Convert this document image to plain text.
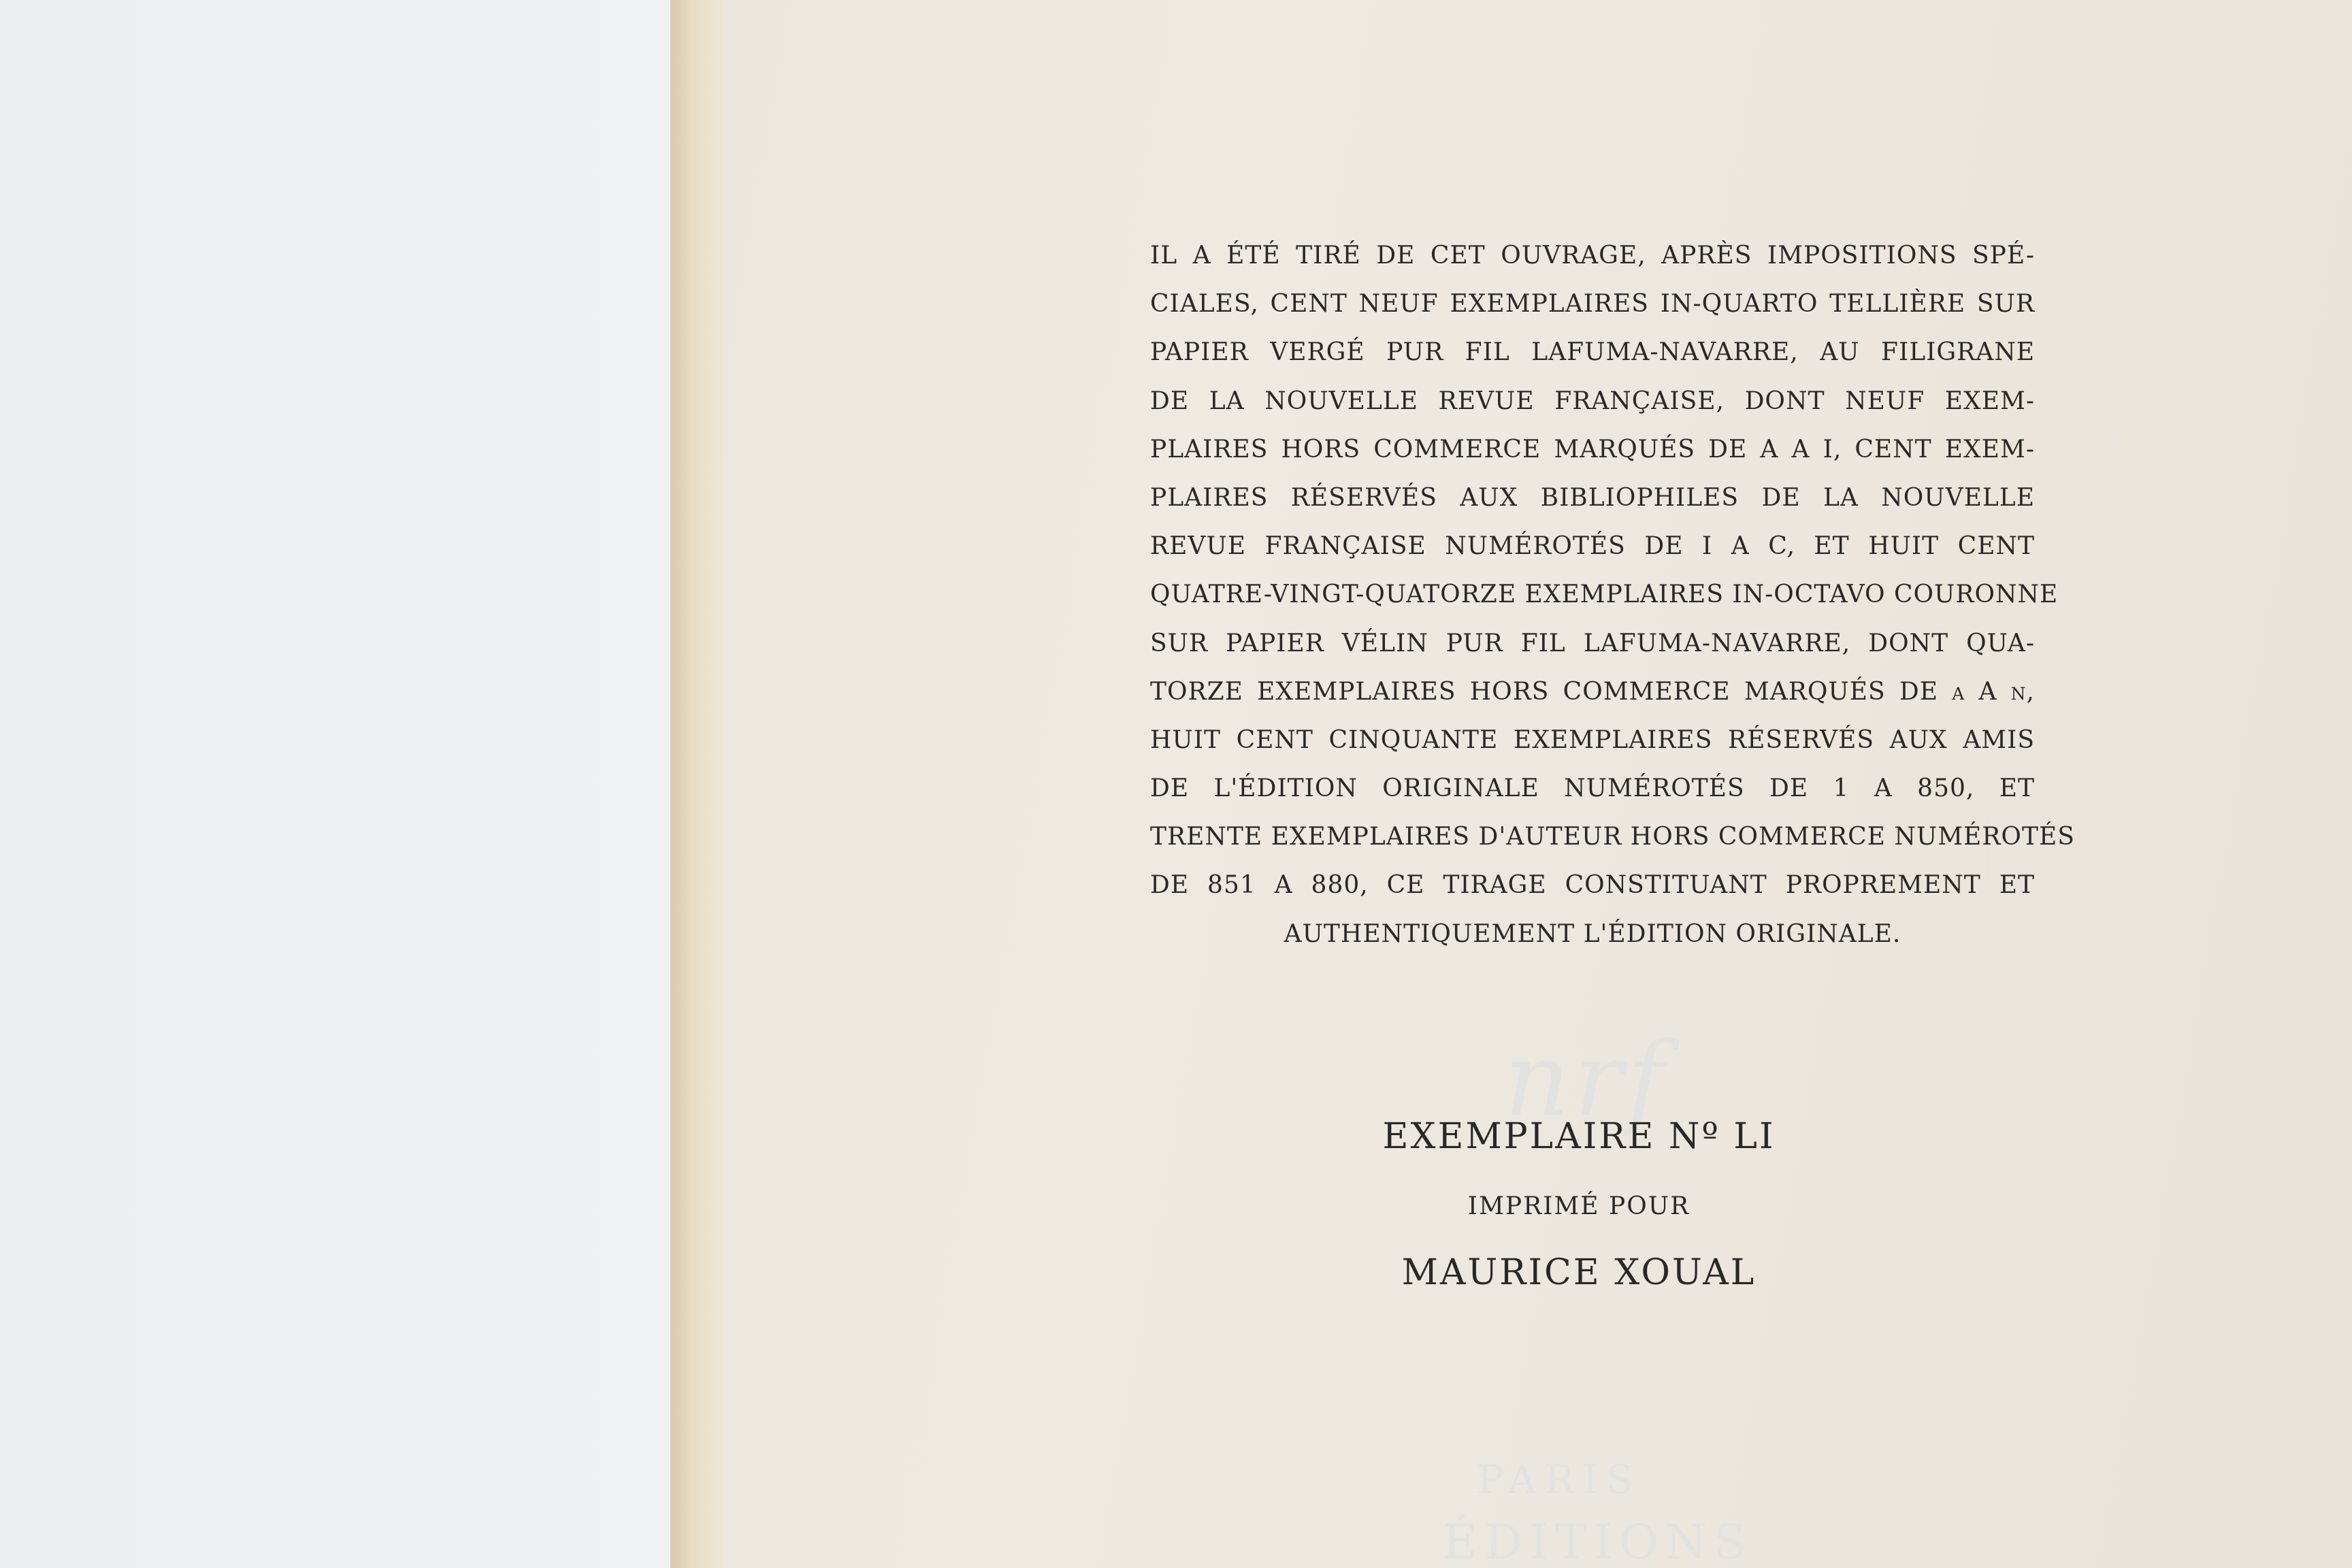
nrf
PARIS
ÉDITIONS
IL A ÉTÉ TIRÉ DE CET OUVRAGE, APRÈS IMPOSITIONS SPÉ-
CIALES, CENT NEUF EXEMPLAIRES IN-QUARTO TELLIÈRE SUR
PAPIER VERGÉ PUR FIL LAFUMA-NAVARRE, AU FILIGRANE
DE LA NOUVELLE REVUE FRANÇAISE, DONT NEUF EXEM-
PLAIRES HORS COMMERCE MARQUÉS DE A A I, CENT EXEM-
PLAIRES RÉSERVÉS AUX BIBLIOPHILES DE LA NOUVELLE
REVUE FRANÇAISE NUMÉROTÉS DE I A C, ET HUIT CENT
QUATRE-VINGT-QUATORZE EXEMPLAIRES IN-OCTAVO COURONNE
SUR PAPIER VÉLIN PUR FIL LAFUMA-NAVARRE, DONT QUA-
TORZE EXEMPLAIRES HORS COMMERCE MARQUÉS DE a A n,
HUIT CENT CINQUANTE EXEMPLAIRES RÉSERVÉS AUX AMIS
DE L'ÉDITION ORIGINALE NUMÉROTÉS DE 1 A 850, ET
TRENTE EXEMPLAIRES D'AUTEUR HORS COMMERCE NUMÉROTÉS
DE 851 A 880, CE TIRAGE CONSTITUANT PROPREMENT ET
AUTHENTIQUEMENT L'ÉDITION ORIGINALE.
EXEMPLAIRE Nº LI
IMPRIMÉ POUR
MAURICE XOUAL
